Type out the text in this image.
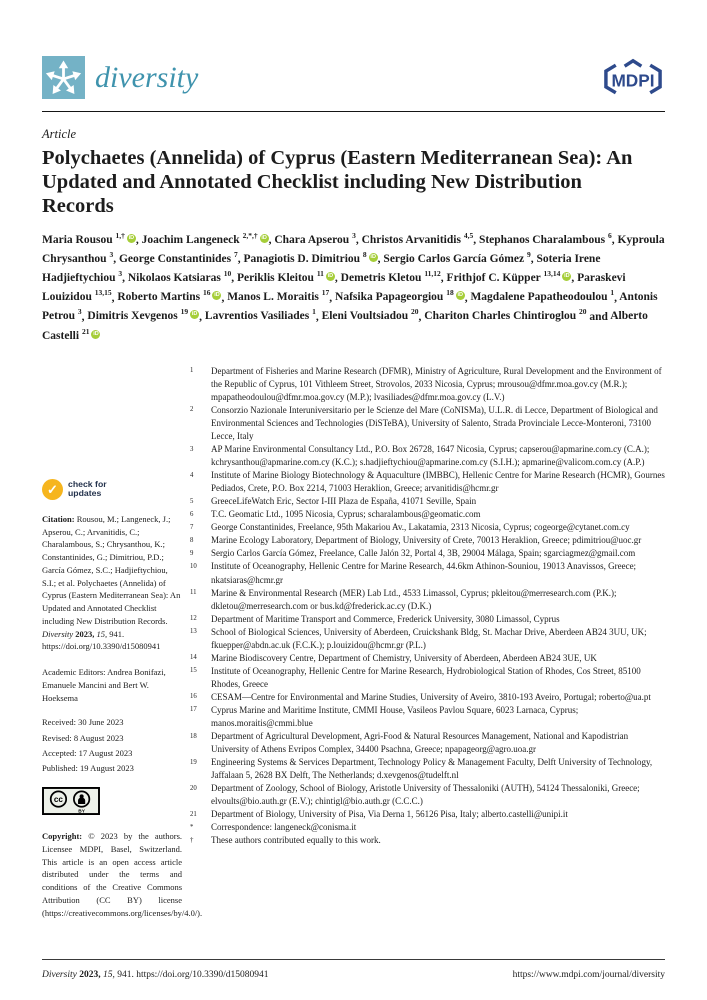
diversity	MDPI
Article
Polychaetes (Annelida) of Cyprus (Eastern Mediterranean Sea): An Updated and Annotated Checklist including New Distribution Records

Maria Rousou $^{1,\dagger}$ iD , Joachim Langeneck $^{2,*,\dagger}$ iD , Chara Apserou $^3$, Christos Arvanitidis $^{4,5}$, Stephanos Charalambous $^6$, Kyproula Chrysanthou $^3$, George Constantinides $^7$, Panagiotis D. Dimitriou $^8$ iD , Sergio Carlos García Gómez $^9$, Soteria Irene Hadjieftychiou $^3$, Nikolaos Katsiaras $^{10}$, Periklis Kleitou $^{11}$ iD , Demetris Kletou $^{11,12}$, Frithjof C. Küpper $^{13,14}$ iD , Paraskevi Louizidou $^{13,15}$, Roberto Martins $^{16}$ iD , Manos L. Moraitis $^{17}$, Nafsika Papageorgiou $^{18}$ iD , Magdalene Papatheodoulou $^1$, Antonis Petrou $^3$, Dimitris Xevgenos $^{19}$ iD , Lavrentios Vasiliades $^1$, Eleni Voultsiadou $^{20}$, Chariton Charles Chintiroglou $^{20}$ and Alberto Castelli $^{21}$ iD

✓	check for
updates

Citation: Rousou, M.; Langeneck, J.; Apserou, C.; Arvanitidis, C.; Charalambous, S.; Chrysanthou, K.; Constantinides, G.; Dimitriou, P.D.; García Gómez, S.C.; Hadjieftychiou, S.I.; et al. Polychaetes (Annelida) of Cyprus (Eastern Mediterranean Sea): An Updated and Annotated Checklist including New Distribution Records. Diversity 2023, 15, 941. https://doi.org/10.3390/d15080941

Academic Editors: Andrea Bonifazi, Emanuele Mancini and Bert W. Hoeksema

Received: 30 June 2023
Revised: 8 August 2023
Accepted: 17 August 2023
Published: 19 August 2023
cc
BY

Copyright: © 2023 by the authors. Licensee MDPI, Basel, Switzerland. This article is an open access article distributed under the terms and conditions of the Creative Commons Attribution (CC BY) license (https://creativecommons.org/licenses/by/4.0/).

1	Department of Fisheries and Marine Research (DFMR), Ministry of Agriculture, Rural Development and the Environment of the Republic of Cyprus, 101 Vithleem Street, Strovolos, 2033 Nicosia, Cyprus; mrousou@dfmr.moa.gov.cy (M.R.); mpapatheodoulou@dfmr.moa.gov.cy (M.P.); lvasiliades@dfmr.moa.gov.cy (L.V.)
2	Consorzio Nazionale Interuniversitario per le Scienze del Mare (CoNISMa), U.L.R. di Lecce, Department of Biological and Environmental Sciences and Technologies (DiSTeBA), University of Salento, Strada Provinciale Lecce-Monteroni, 73100 Lecce, Italy
3	AP Marine Environmental Consultancy Ltd., P.O. Box 26728, 1647 Nicosia, Cyprus; capserou@apmarine.com.cy (C.A.); kchrysanthou@apmarine.com.cy (K.C.); s.hadjieftychiou@apmarine.com.cy (S.I.H.); apmarine@valicom.com.cy (A.P.)
4	Institute of Marine Biology Biotechnology & Aquaculture (IMBBC), Hellenic Centre for Marine Research (HCMR), Gournes Pediados, Crete, P.O. Box 2214, 71003 Heraklion, Greece; arvanitidis@hcmr.gr
5	GreeceLifeWatch Eric, Sector I-III Plaza de España, 41071 Seville, Spain
6	T.C. Geomatic Ltd., 1095 Nicosia, Cyprus; scharalambous@geomatic.com
7	George Constantinides, Freelance, 95th Makariou Av., Lakatamia, 2313 Nicosia, Cyprus; cogeorge@cytanet.com.cy
8	Marine Ecology Laboratory, Department of Biology, University of Crete, 70013 Heraklion, Greece; pdimitriou@uoc.gr
9	Sergio Carlos García Gómez, Freelance, Calle Jalón 32, Portal 4, 3B, 29004 Málaga, Spain; sgarciagmez@gmail.com
10	Institute of Oceanography, Hellenic Centre for Marine Research, 44.6km Athinon-Souniou, 19013 Anavissos, Greece; nkatsiaras@hcmr.gr
11	Marine & Environmental Research (MER) Lab Ltd., 4533 Limassol, Cyprus; pkleitou@merresearch.com (P.K.); dkletou@merresearch.com or bus.kd@frederick.ac.cy (D.K.)
12	Department of Maritime Transport and Commerce, Frederick University, 3080 Limassol, Cyprus
13	School of Biological Sciences, University of Aberdeen, Cruickshank Bldg, St. Machar Drive, Aberdeen AB24 3UU, UK; fkuepper@abdn.ac.uk (F.C.K.); p.louizidou@hcmr.gr (P.L.)
14	Marine Biodiscovery Centre, Department of Chemistry, University of Aberdeen, Aberdeen AB24 3UE, UK
15	Institute of Oceanography, Hellenic Centre for Marine Research, Hydrobiological Station of Rhodes, Cos Street, 85100 Rhodes, Greece
16	CESAM—Centre for Environmental and Marine Studies, University of Aveiro, 3810-193 Aveiro, Portugal; roberto@ua.pt
17	Cyprus Marine and Maritime Institute, CMMI House, Vasileos Pavlou Square, 6023 Larnaca, Cyprus; manos.moraitis@cmmi.blue
18	Department of Agricultural Development, Agri-Food & Natural Resources Management, National and Kapodistrian University of Athens Evripos Complex, 34400 Psachna, Greece; npapageorg@agro.uoa.gr
19	Engineering Systems & Services Department, Technology Policy & Management Faculty, Delft University of Technology, Jaffalaan 5, 2628 BX Delft, The Netherlands; d.xevgenos@tudelft.nl
20	Department of Zoology, School of Biology, Aristotle University of Thessaloniki (AUTH), 54124 Thessaloniki, Greece; elvoults@bio.auth.gr (E.V.); chintigl@bio.auth.gr (C.C.C.)
21	Department of Biology, University of Pisa, Via Derna 1, 56126 Pisa, Italy; alberto.castelli@unipi.it
*	Correspondence: langeneck@conisma.it
†	These authors contributed equally to this work.
Diversity 2023, 15, 941. https://doi.org/10.3390/d15080941	https://www.mdpi.com/journal/diversity
